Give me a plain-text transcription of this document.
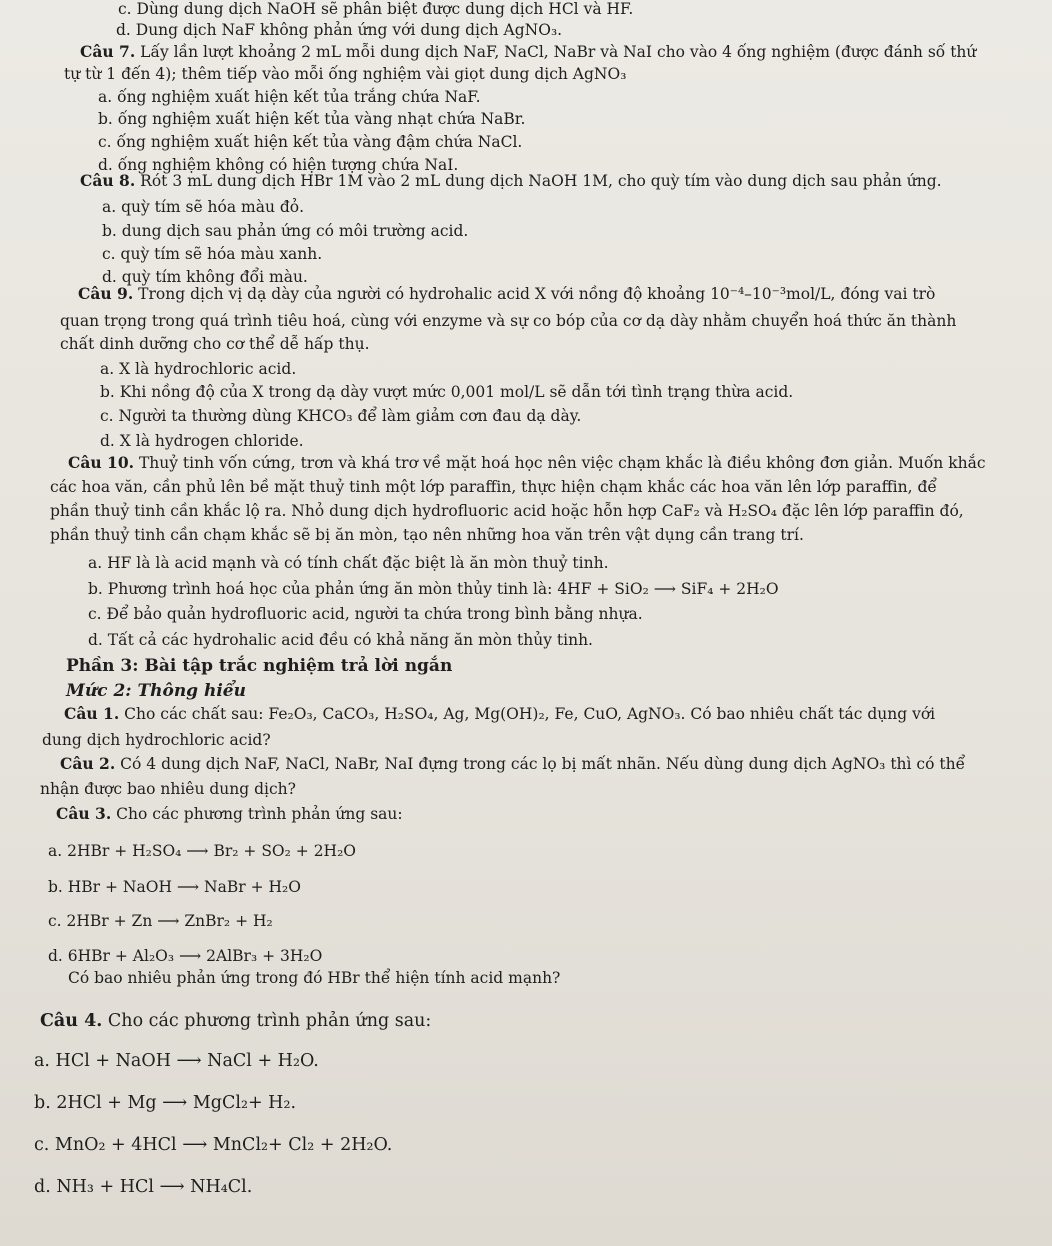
c. Dùng dung dịch NaOH sẽ phân biệt được dung dịch HCl và HF.
d. Dung dịch NaF không phản ứng với dung dịch AgNO₃.
Câu 7. Lấy lần lượt khoảng 2 mL mỗi dung dịch NaF, NaCl, NaBr và NaI cho vào 4 ống nghiệm (được đánh số thứ
tự từ 1 đến 4); thêm tiếp vào mỗi ống nghiệm vài giọt dung dịch AgNO₃
a. ống nghiệm xuất hiện kết tủa trắng chứa NaF.
b. ống nghiệm xuất hiện kết tủa vàng nhạt chứa NaBr.
c. ống nghiệm xuất hiện kết tủa vàng đậm chứa NaCl.
d. ống nghiệm không có hiện tượng chứa NaI.
Câu 8. Rót 3 mL dung dịch HBr 1M vào 2 mL dung dịch NaOH 1M, cho quỳ tím vào dung dịch sau phản ứng.
a. quỳ tím sẽ hóa màu đỏ.
b. dung dịch sau phản ứng có môi trường acid.
c. quỳ tím sẽ hóa màu xanh.
d. quỳ tím không đổi màu.
Câu 9. Trong dịch vị dạ dày của người có hydrohalic acid X với nồng độ khoảng 10⁻⁴–10⁻³mol/L, đóng vai trò
quan trọng trong quá trình tiêu hoá, cùng với enzyme và sự co bóp của cơ dạ dày nhằm chuyển hoá thức ăn thành
chất dinh dưỡng cho cơ thể dễ hấp thụ.
a. X là hydrochloric acid.
b. Khi nồng độ của X trong dạ dày vượt mức 0,001 mol/L sẽ dẫn tới tình trạng thừa acid.
c. Người ta thường dùng KHCO₃ để làm giảm cơn đau dạ dày.
d. X là hydrogen chloride.
Câu 10. Thuỷ tinh vốn cứng, trơn và khá trơ về mặt hoá học nên việc chạm khắc là điều không đơn giản. Muốn khắc
các hoa văn, cần phủ lên bề mặt thuỷ tinh một lớp paraffin, thực hiện chạm khắc các hoa văn lên lớp paraffin, để
phần thuỷ tinh cần khắc lộ ra. Nhỏ dung dịch hydrofluoric acid hoặc hỗn hợp CaF₂ và H₂SO₄ đặc lên lớp paraffin đó,
phần thuỷ tinh cần chạm khắc sẽ bị ăn mòn, tạo nên những hoa văn trên vật dụng cần trang trí.
a. HF là là acid mạnh và có tính chất đặc biệt là ăn mòn thuỷ tinh.
b. Phương trình hoá học của phản ứng ăn mòn thủy tinh là: 4HF + SiO₂ ⟶ SiF₄ + 2H₂O
c. Để bảo quản hydrofluoric acid, người ta chứa trong bình bằng nhựa.
d. Tất cả các hydrohalic acid đều có khả năng ăn mòn thủy tinh.
Phần 3: Bài tập trắc nghiệm trả lời ngắn
Mức 2: Thông hiểu
Câu 1. Cho các chất sau: Fe₂O₃, CaCO₃, H₂SO₄, Ag, Mg(OH)₂, Fe, CuO, AgNO₃. Có bao nhiêu chất tác dụng với
dung dịch hydrochloric acid?
Câu 2. Có 4 dung dịch NaF, NaCl, NaBr, NaI đựng trong các lọ bị mất nhãn. Nếu dùng dung dịch AgNO₃ thì có thể
nhận được bao nhiêu dung dịch?
Câu 3. Cho các phương trình phản ứng sau:
a. 2HBr + H₂SO₄ ⟶ Br₂ + SO₂ + 2H₂O
b. HBr + NaOH ⟶ NaBr + H₂O
c. 2HBr + Zn ⟶ ZnBr₂ + H₂
d. 6HBr + Al₂O₃ ⟶ 2AlBr₃ + 3H₂O
Có bao nhiêu phản ứng trong đó HBr thể hiện tính acid mạnh?
Câu 4. Cho các phương trình phản ứng sau:
a. HCl + NaOH ⟶ NaCl + H₂O.
b. 2HCl + Mg ⟶ MgCl₂+ H₂.
c. MnO₂ + 4HCl ⟶ MnCl₂+ Cl₂ + 2H₂O.
d. NH₃ + HCl ⟶ NH₄Cl.
